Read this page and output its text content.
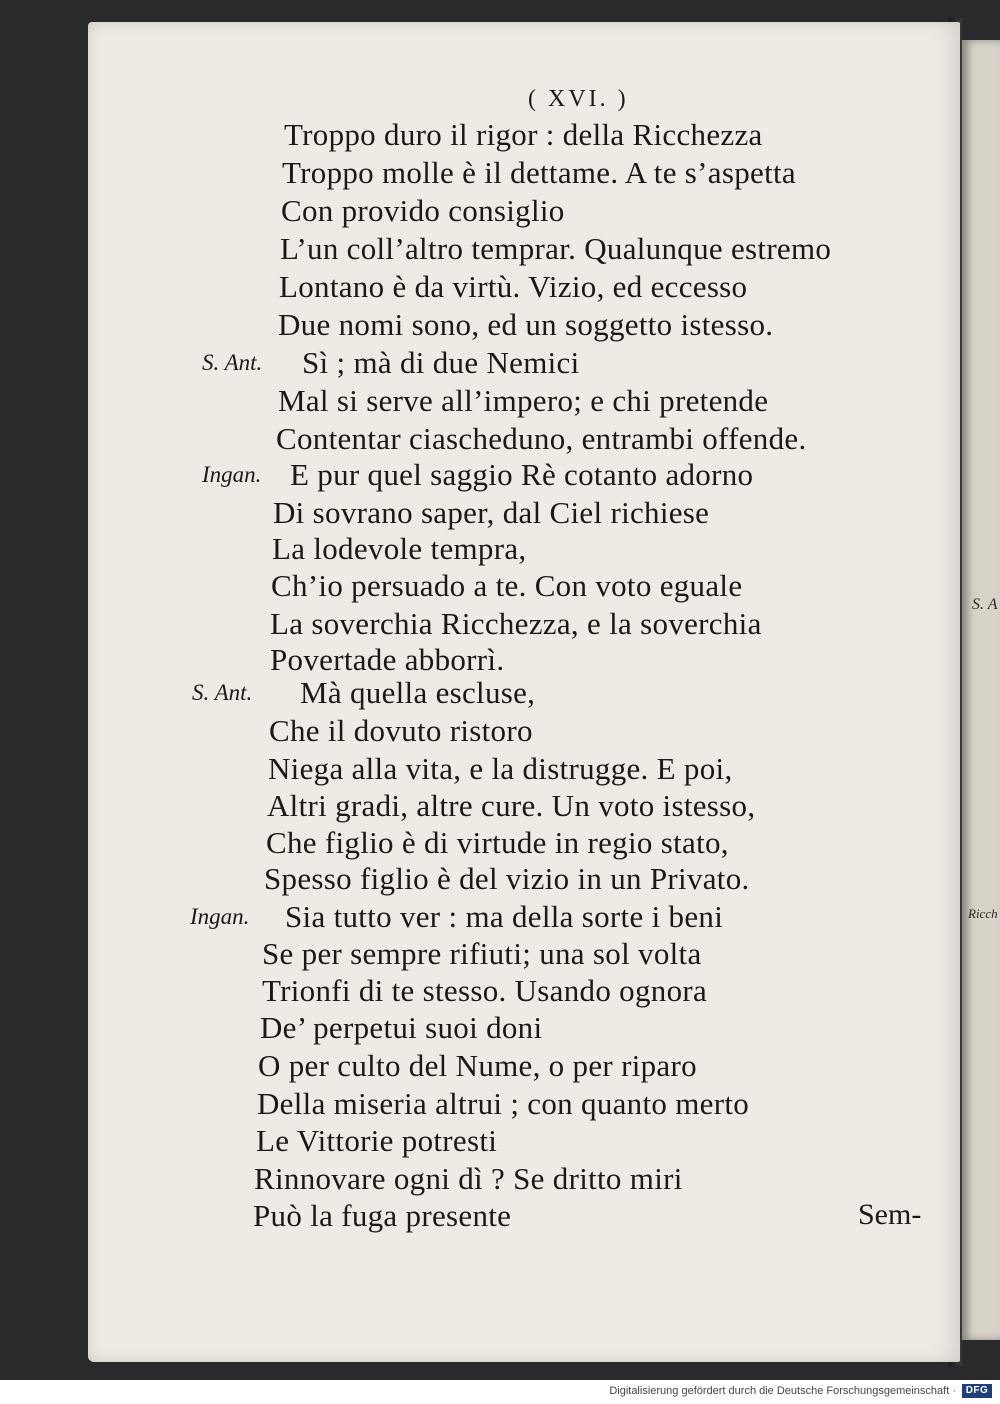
S. A
Ricch
( XVI. )
Troppo duro il rigor : della Ricchezza
Troppo molle è il dettame. A te s’aspetta
Con provido consiglio
L’un coll’altro temprar. Qualunque estremo
Lontano è da virtù. Vizio, ed eccesso
Due nomi sono, ed un soggetto istesso.
S. Ant. Sì ; mà di due Nemici
Mal si serve all’impero; e chi pretende
Contentar ciascheduno, entrambi offende.
Ingan. E pur quel saggio Rè cotanto adorno
Di sovrano saper, dal Ciel richiese
La lodevole tempra,
Ch’io persuado a te. Con voto eguale
La soverchia Ricchezza, e la soverchia
Povertade abborrì.
S. Ant. Mà quella escluse,
Che il dovuto ristoro
Niega alla vita, e la distrugge. E poi,
Altri gradi, altre cure. Un voto istesso,
Che figlio è di virtude in regio stato,
Spesso figlio è del vizio in un Privato.
Ingan. Sia tutto ver : ma della sorte i beni
Se per sempre rifiuti; una sol volta
Trionfi di te stesso. Usando ognora
De’ perpetui suoi doni
O per culto del Nume, o per riparo
Della miseria altrui ; con quanto merto
Le Vittorie potresti
Rinnovare ogni dì ? Se dritto miri
Può la fuga presente	Sem-
Digitalisierung gefördert durch die Deutsche Forschungsgemeinschaft · DFG
